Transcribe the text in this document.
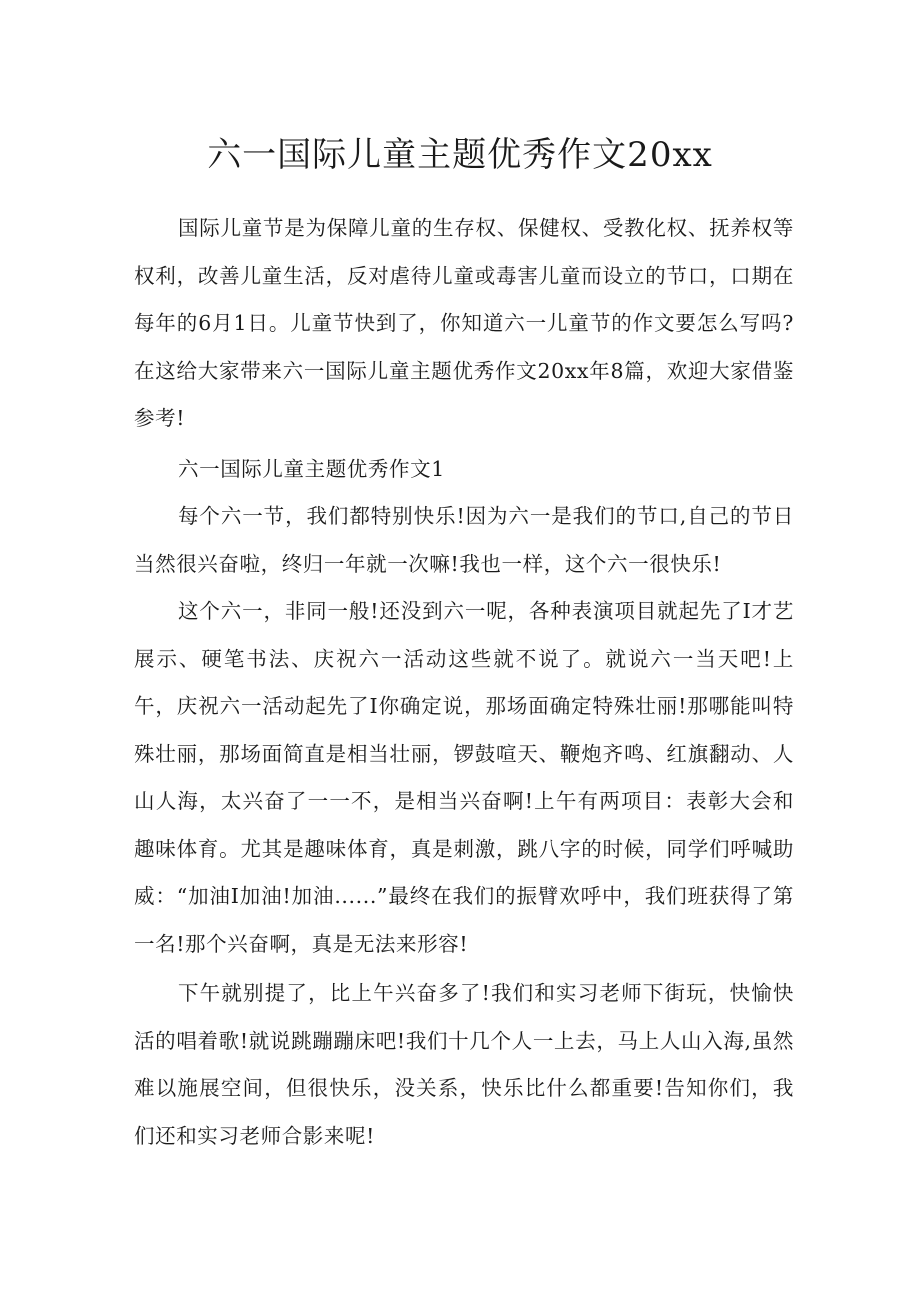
六一国际儿童主题优秀作文20xx

国际儿童节是为保障儿童的生存权、保健权、受教化权、抚养权等权利，改善儿童生活，反对虐待儿童或毒害儿童而设立的节口，口期在每年的6月1日。儿童节快到了，你知道六一儿童节的作文要怎么写吗?在这给大家带来六一国际儿童主题优秀作文20xx年8篇，欢迎大家借鉴参考!

六一国际儿童主题优秀作文1

每个六一节，我们都特别快乐!因为六一是我们的节口,自己的节日当然很兴奋啦，终归一年就一次嘛!我也一样，这个六一很快乐!

这个六一，非同一般!还没到六一呢，各种表演项目就起先了I才艺展示、硬笔书法、庆祝六一活动这些就不说了。就说六一当天吧!上午，庆祝六一活动起先了I你确定说，那场面确定特殊壮丽!那哪能叫特殊壮丽，那场面简直是相当壮丽，锣鼓喧天、鞭炮齐鸣、红旗翻动、人山人海，太兴奋了一一不，是相当兴奋啊!上午有两项目：表彰大会和趣味体育。尤其是趣味体育，真是刺激，跳八字的时候，同学们呼喊助威：“加油I加油!加油......”最终在我们的振臂欢呼中，我们班获得了第一名!那个兴奋啊，真是无法来形容!

下午就别提了，比上午兴奋多了!我们和实习老师下街玩，快愉快活的唱着歌!就说跳蹦蹦床吧!我们十几个人一上去，马上人山入海,虽然难以施展空间，但很快乐，没关系，快乐比什么都重要!告知你们，我们还和实习老师合影来呢!
